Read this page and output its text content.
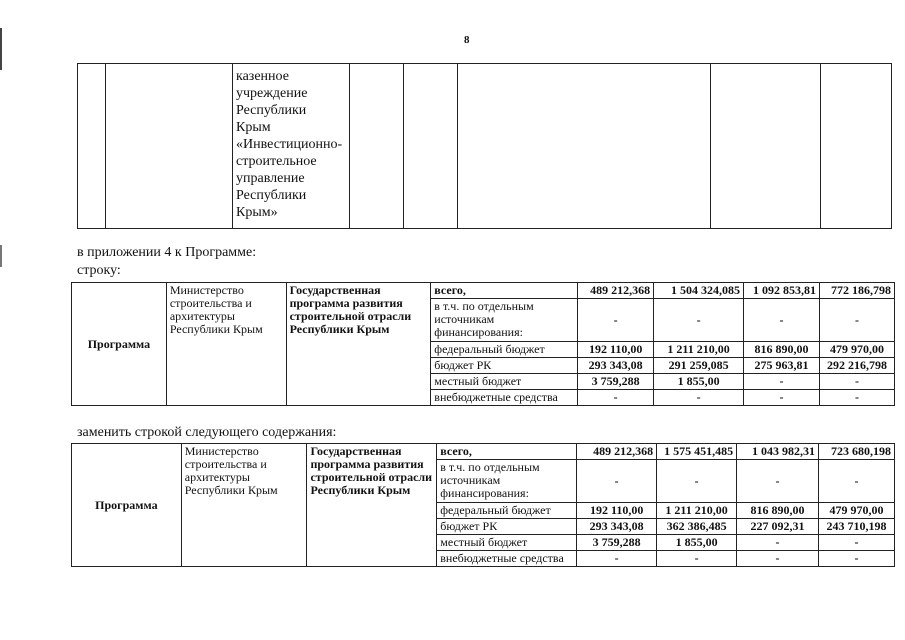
8

казенное
учреждение
Республики
Крым
«Инвестиционно-
строительное
управление
Республики
Крым»

в приложении 4 к Программе:
строку:
Программа	Министерство строительства и архитектуры Республики Крым	Государственная программа развития строительной отрасли Республики Крым	всего,	489 212,368	1 504 324,085	1 092 853,81	772 186,798
			в т.ч. по отдельным источникам финансирования:	-	-	-	-
			федеральный бюджет	192 110,00	1 211 210,00	816 890,00	479 970,00
			бюджет РК	293 343,08	291 259,085	275 963,81	292 216,798
			местный бюджет	3 759,288	1 855,00	-	-
			внебюджетные средства	-	-	-	-
заменить строкой следующего содержания:
Программа	Министерство строительства и архитектуры Республики Крым	Государственная программа развития строительной отрасли Республики Крым	всего,	489 212,368	1 575 451,485	1 043 982,31	723 680,198
			в т.ч. по отдельным источникам финансирования:	-	-	-	-
			федеральный бюджет	192 110,00	1 211 210,00	816 890,00	479 970,00
			бюджет РК	293 343,08	362 386,485	227 092,31	243 710,198
			местный бюджет	3 759,288	1 855,00	-	-
			внебюджетные средства	-	-	-	-
